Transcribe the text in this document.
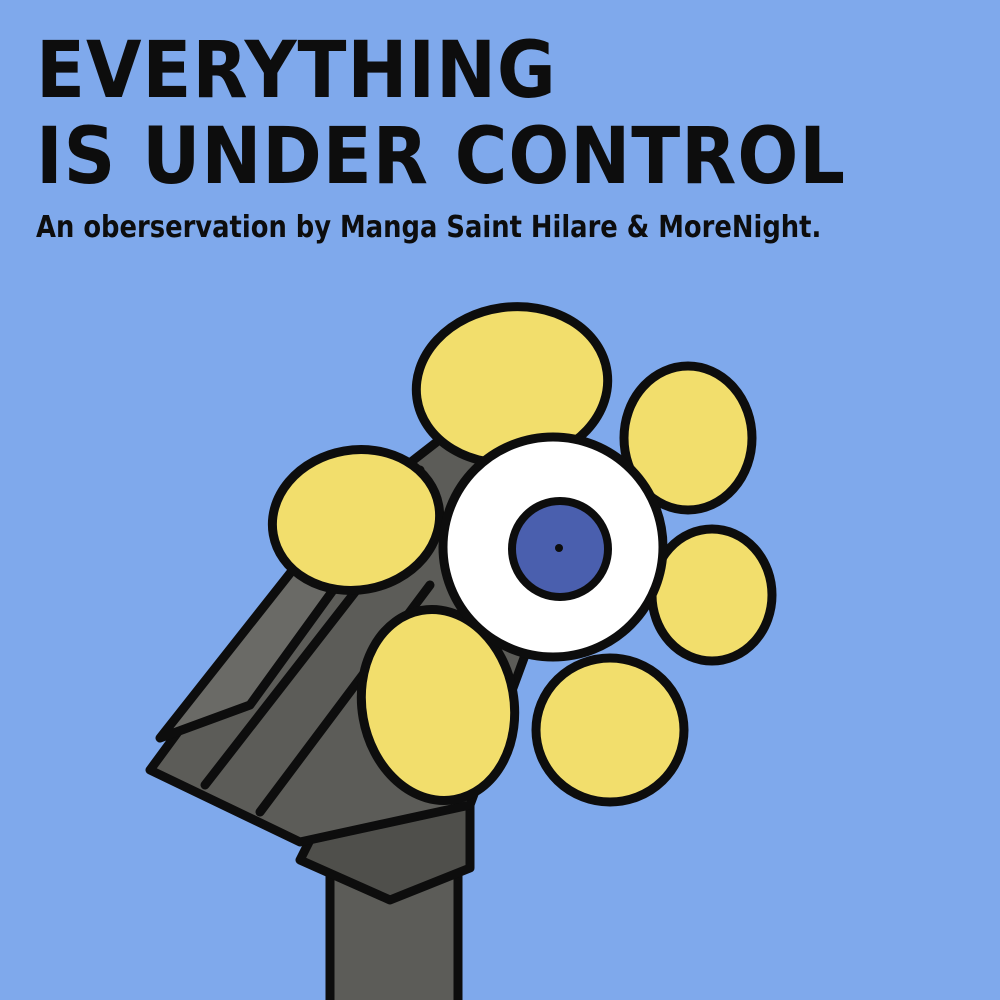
EVERYTHING
IS UNDER CONTROL

An oberservation by Manga Saint Hilare & MoreNight.
